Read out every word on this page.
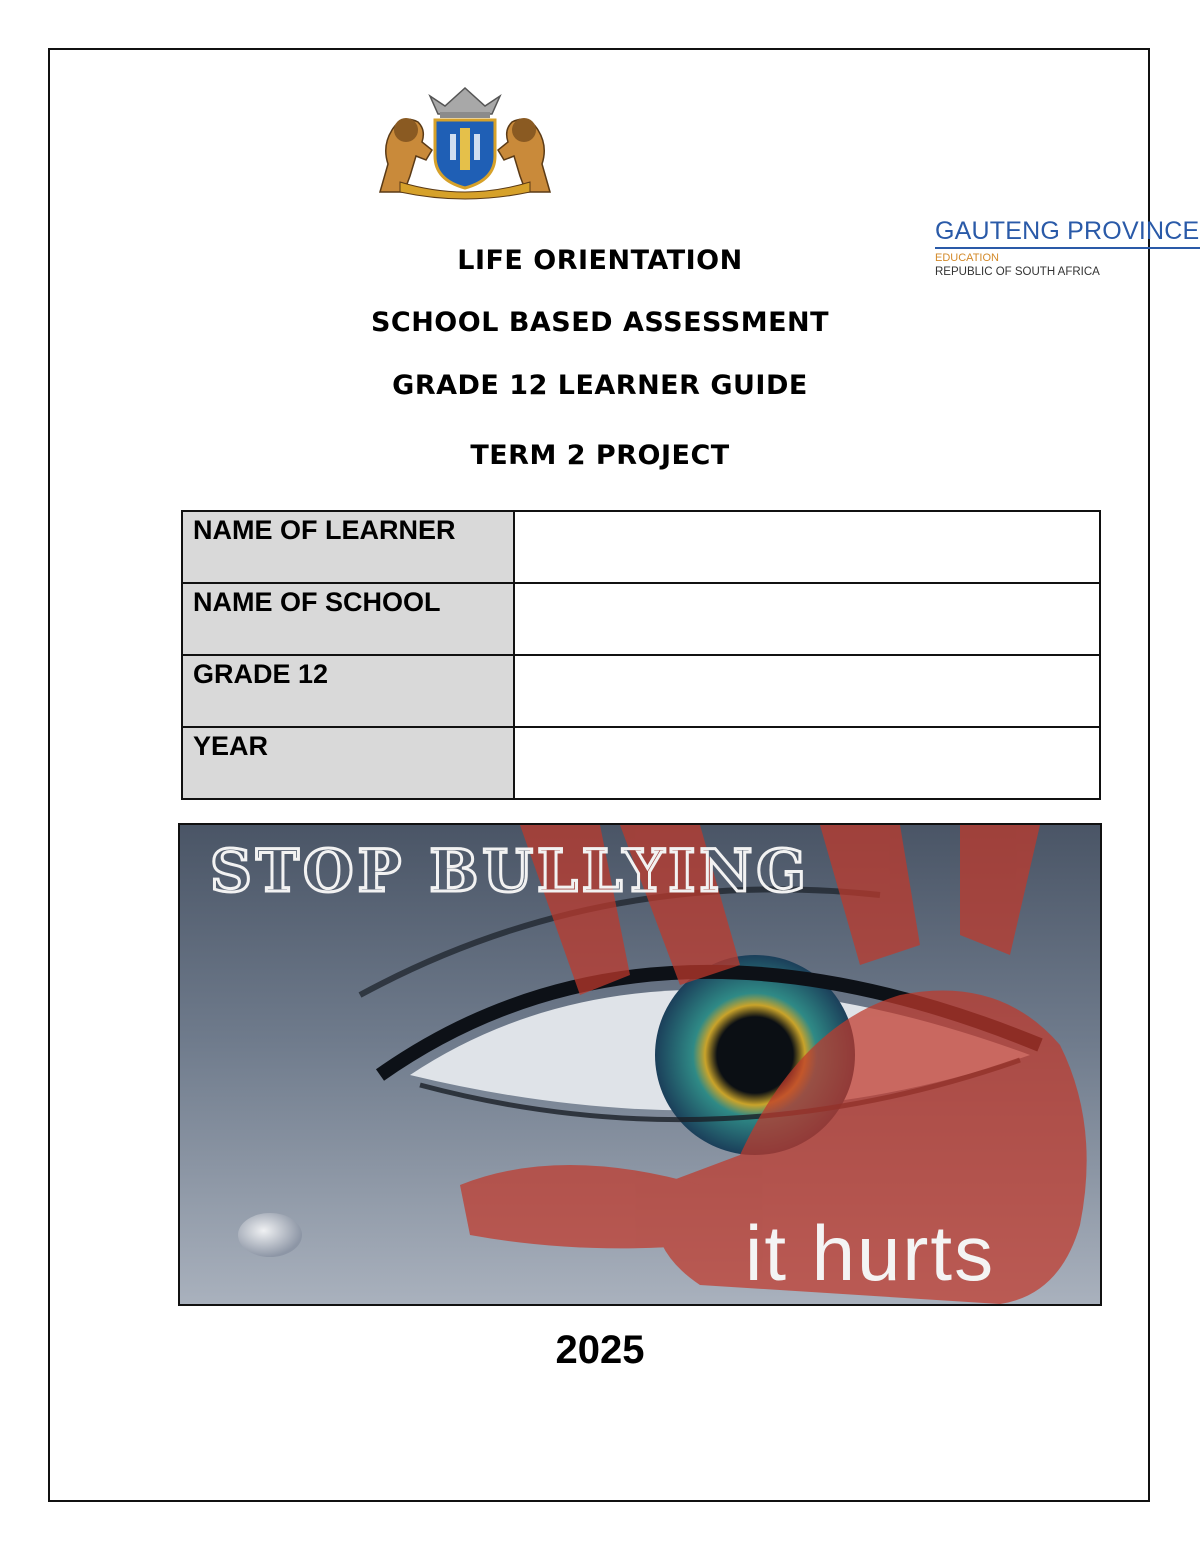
GAUTENG PROVINCE
EDUCATION
REPUBLIC OF SOUTH AFRICA
LIFE ORIENTATION
SCHOOL BASED ASSESSMENT
GRADE 12 LEARNER GUIDE
TERM 2 PROJECT
NAME OF LEARNER	
NAME OF SCHOOL	
GRADE 12	
YEAR	
STOP BULLYING
it hurts
2025
